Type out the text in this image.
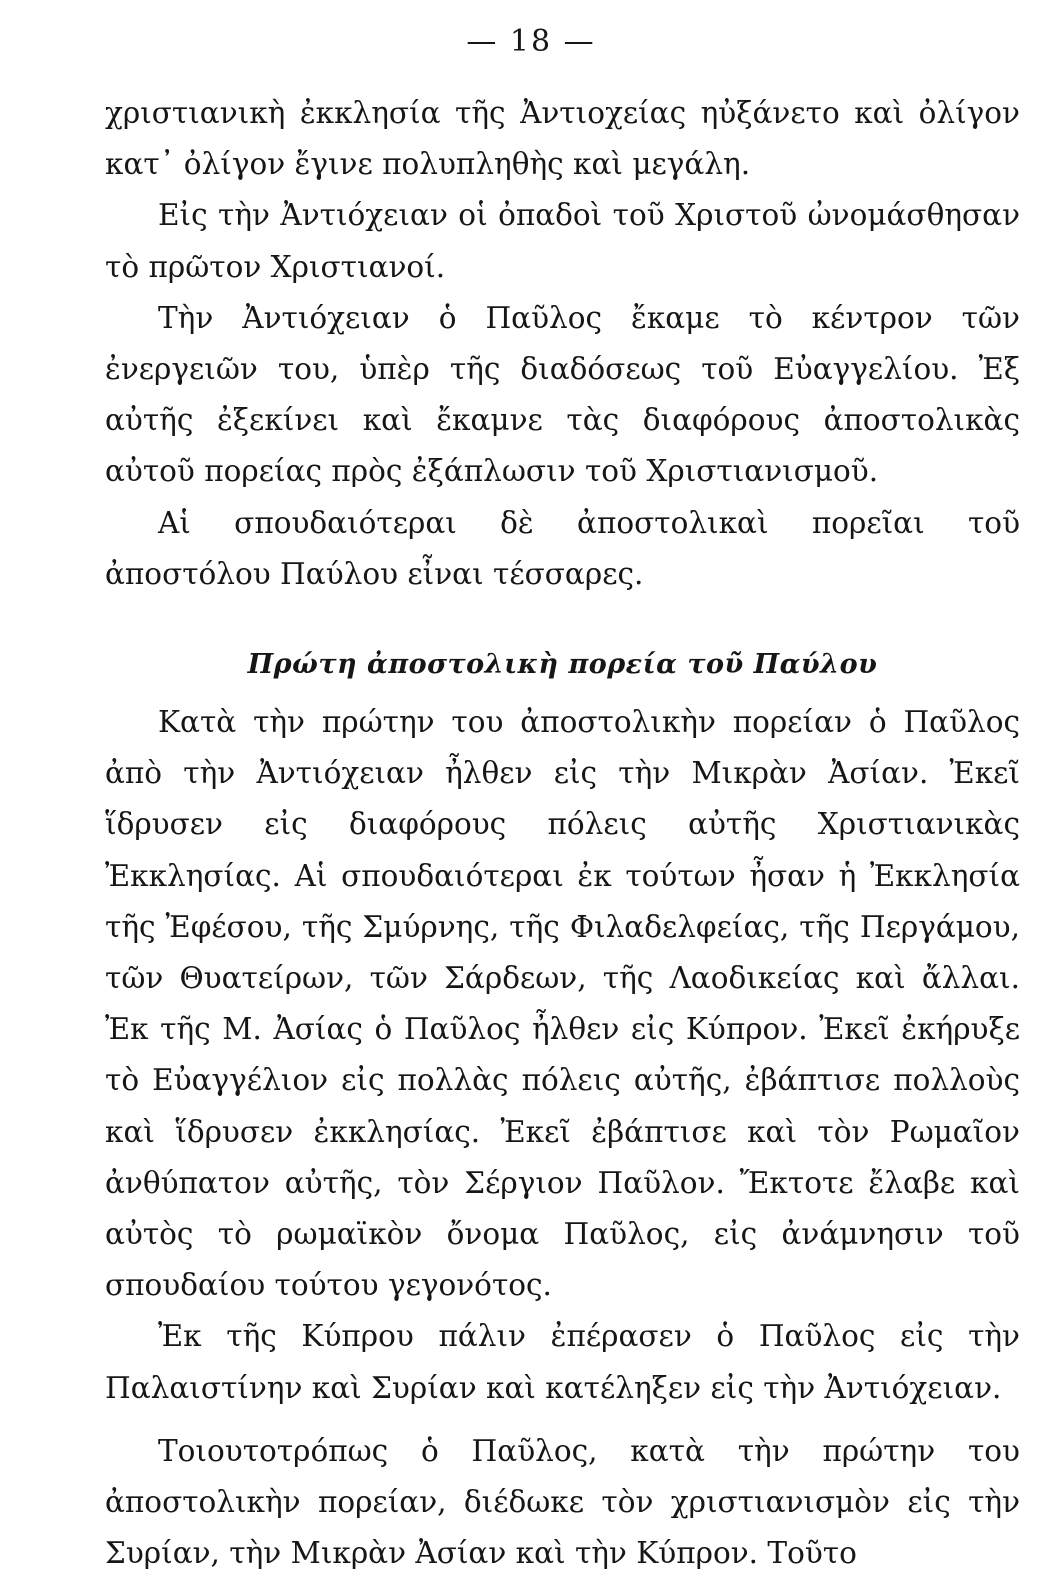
— 18 —

χριστιανικὴ ἐκκλησία τῆς Ἀντιοχείας ηὐξάνετο καὶ ὀλίγον κατ᾽ ὀλίγον ἔγινε πολυπληθὴς καὶ μεγάλη.

Εἰς τὴν Ἀντιόχειαν οἱ ὀπαδοὶ τοῦ Χριστοῦ ὠνομάσθησαν τὸ πρῶτον Χριστιανοί.

Τὴν Ἀντιόχειαν ὁ Παῦλος ἔκαμε τὸ κέντρον τῶν ἐνεργειῶν του, ὑπὲρ τῆς διαδόσεως τοῦ Εὐαγγελίου. Ἐξ αὐτῆς ἐξεκίνει καὶ ἔκαμνε τὰς διαφόρους ἀποστολικὰς αὐτοῦ πορείας πρὸς ἐξάπλωσιν τοῦ Χριστιανισμοῦ.

Αἱ σπουδαιότεραι δὲ ἀποστολικαὶ πορεῖαι τοῦ ἀποστόλου Παύλου εἶναι τέσσαρες.

Πρώτη ἀποστολικὴ πορεία τοῦ Παύλου

Κατὰ τὴν πρώτην του ἀποστολικὴν πορείαν ὁ Παῦλος ἀπὸ τὴν Ἀντιόχειαν ἦλθεν εἰς τὴν Μικρὰν Ἀσίαν. Ἐκεῖ ἵδρυσεν εἰς διαφόρους πόλεις αὐτῆς Χριστιανικὰς Ἐκκλησίας. Αἱ σπουδαιότεραι ἐκ τούτων ἦσαν ἡ Ἐκκλησία τῆς Ἐφέσου, τῆς Σμύρνης, τῆς Φιλαδελφείας, τῆς Περγάμου, τῶν Θυατείρων, τῶν Σάρδεων, τῆς Λαοδικείας καὶ ἄλλαι. Ἐκ τῆς Μ. Ἀσίας ὁ Παῦλος ἦλθεν εἰς Κύπρον. Ἐκεῖ ἐκήρυξε τὸ Εὐαγγέλιον εἰς πολλὰς πόλεις αὐτῆς, ἐβάπτισε πολλοὺς καὶ ἵδρυσεν ἐκκλησίας. Ἐκεῖ ἐβάπτισε καὶ τὸν Ρωμαῖον ἀνθύπατον αὐτῆς, τὸν Σέργιον Παῦλον. Ἔκτοτε ἔλαβε καὶ αὐτὸς τὸ ρωμαϊκὸν ὄνομα Παῦλος, εἰς ἀνάμνησιν τοῦ σπουδαίου τούτου γεγονότος.

Ἐκ τῆς Κύπρου πάλιν ἐπέρασεν ὁ Παῦλος εἰς τὴν Παλαιστίνην καὶ Συρίαν καὶ κατέληξεν εἰς τὴν Ἀντιόχειαν.

Τοιουτοτρόπως ὁ Παῦλος, κατὰ τὴν πρώτην του ἀποστολικὴν πορείαν, διέδωκε τὸν χριστιανισμὸν εἰς τὴν Συρίαν, τὴν Μικρὰν Ἀσίαν καὶ τὴν Κύπρον. Τοῦτο
